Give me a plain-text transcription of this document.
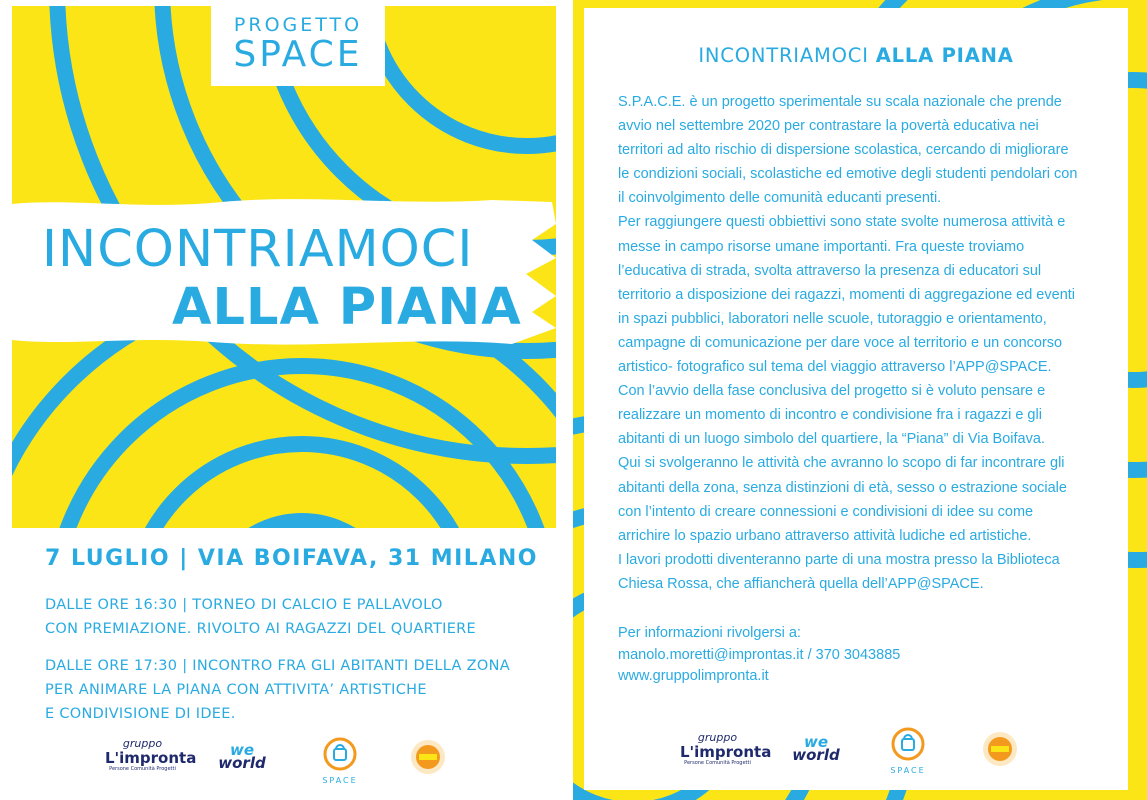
PROGETTO
SPACE
INCONTRIAMOCI
ALLA PIANA
7 LUGLIO | VIA BOIFAVA, 31 MILANO
DALLE ORE 16:30 | TORNEO DI CALCIO E PALLAVOLO
CON PREMIAZIONE. RIVOLTO AI RAGAZZI DEL QUARTIERE
DALLE ORE 17:30 | INCONTRO FRA GLI ABITANTI DELLA ZONA
PER ANIMARE LA PIANA CON ATTIVITA’ ARTISTICHE
E CONDIVISIONE DI IDEE.
gruppo
L'impronta
Persone Comunità Progetti
we
world
SPACE
INCONTRIAMOCI ALLA PIANA
S.P.A.C.E. è un progetto sperimentale su scala nazionale che prende
avvio nel settembre 2020 per contrastare la povertà educativa nei
territori ad alto rischio di dispersione scolastica, cercando di migliorare
le condizioni sociali, scolastiche ed emotive degli studenti pendolari con
il coinvolgimento delle comunità educanti presenti.
Per raggiungere questi obbiettivi sono state svolte numerosa attività e
messe in campo risorse umane importanti. Fra queste troviamo
l’educativa di strada, svolta attraverso la presenza di educatori sul
territorio a disposizione dei ragazzi, momenti di aggregazione ed eventi
in spazi pubblici, laboratori nelle scuole, tutoraggio e orientamento,
campagne di comunicazione per dare voce al territorio e un concorso
artistico- fotografico sul tema del viaggio attraverso l’APP@SPACE.
Con l’avvio della fase conclusiva del progetto si è voluto pensare e
realizzare un momento di incontro e condivisione fra i ragazzi e gli
abitanti di un luogo simbolo del quartiere, la “Piana” di Via Boifava.
Qui si svolgeranno le attività che avranno lo scopo di far incontrare gli
abitanti della zona, senza distinzioni di età, sesso o estrazione sociale
con l’intento di creare connessioni e condivisioni di idee su come
arrichire lo spazio urbano attraverso attività ludiche ed artistiche.
I lavori prodotti diventeranno parte di una mostra presso la Biblioteca
Chiesa Rossa, che affiancherà quella dell’APP@SPACE.
Per informazioni rivolgersi a:
manolo.moretti@improntas.it / 370 3043885
www.gruppolimpronta.it
gruppo
L'impronta
Persone Comunità Progetti
we
world
SPACE
